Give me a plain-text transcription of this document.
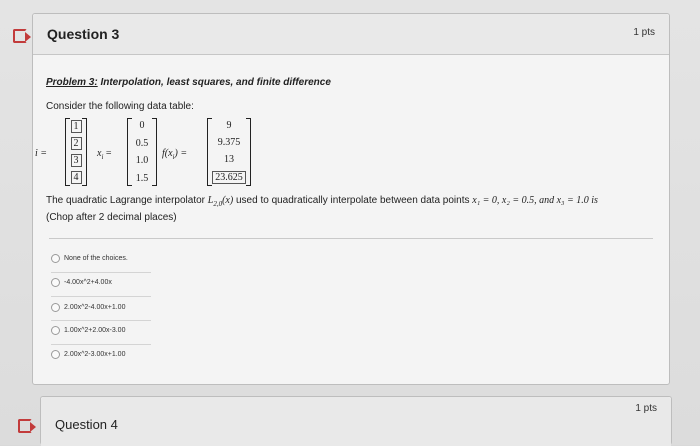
Question 3	1 pts
Problem 3: Interpolation, least squares, and finite difference
Consider the following data table:
i =
1
2
3
4
$x_i$ =
0
0.5
1.0
1.5
$f(x_i)$ =
9
9.375
13
23.625
The quadratic Lagrange interpolator $L_{2,0}(x)$ used to quadratically interpolate between data points x₁ = 0, x₂ = 0.5, and x₃ = 1.0 is
(Chop after 2 decimal places)
None of the choices.
-4.00x^2+4.00x
2.00x^2-4.00x+1.00
1.00x^2+2.00x-3.00
2.00x^2-3.00x+1.00
Question 4
1 pts
